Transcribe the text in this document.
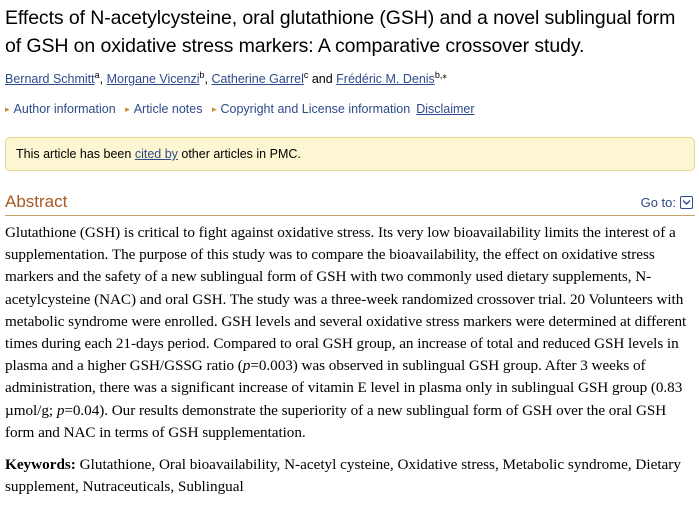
Effects of N-acetylcysteine, oral glutathione (GSH) and a novel sublingual form of GSH on oxidative stress markers: A comparative crossover study.
Bernard Schmitt$^a$, Morgane Vicenzi$^b$, Catherine Garrel$^c$ and Frédéric M. Denis$^{b,⁎}$
▸ Author information ▸ Article notes ▸ Copyright and License information Disclaimer
This article has been cited by other articles in PMC.
Abstract	Go to:
Glutathione (GSH) is critical to fight against oxidative stress. Its very low bioavailability limits the interest of a supplementation. The purpose of this study was to compare the bioavailability, the effect on oxidative stress markers and the safety of a new sublingual form of GSH with two commonly used dietary supplements, N-acetylcysteine (NAC) and oral GSH. The study was a three-week randomized crossover trial. 20 Volunteers with metabolic syndrome were enrolled. GSH levels and several oxidative stress markers were determined at different times during each 21-days period. Compared to oral GSH group, an increase of total and reduced GSH levels in plasma and a higher GSH/GSSG ratio (p=0.003) was observed in sublingual GSH group. After 3 weeks of administration, there was a significant increase of vitamin E level in plasma only in sublingual GSH group (0.83 µmol/g; p=0.04). Our results demonstrate the superiority of a new sublingual form of GSH over the oral GSH form and NAC in terms of GSH supplementation.
Keywords: Glutathione, Oral bioavailability, N-acetyl cysteine, Oxidative stress, Metabolic syndrome, Dietary supplement, Nutraceuticals, Sublingual
